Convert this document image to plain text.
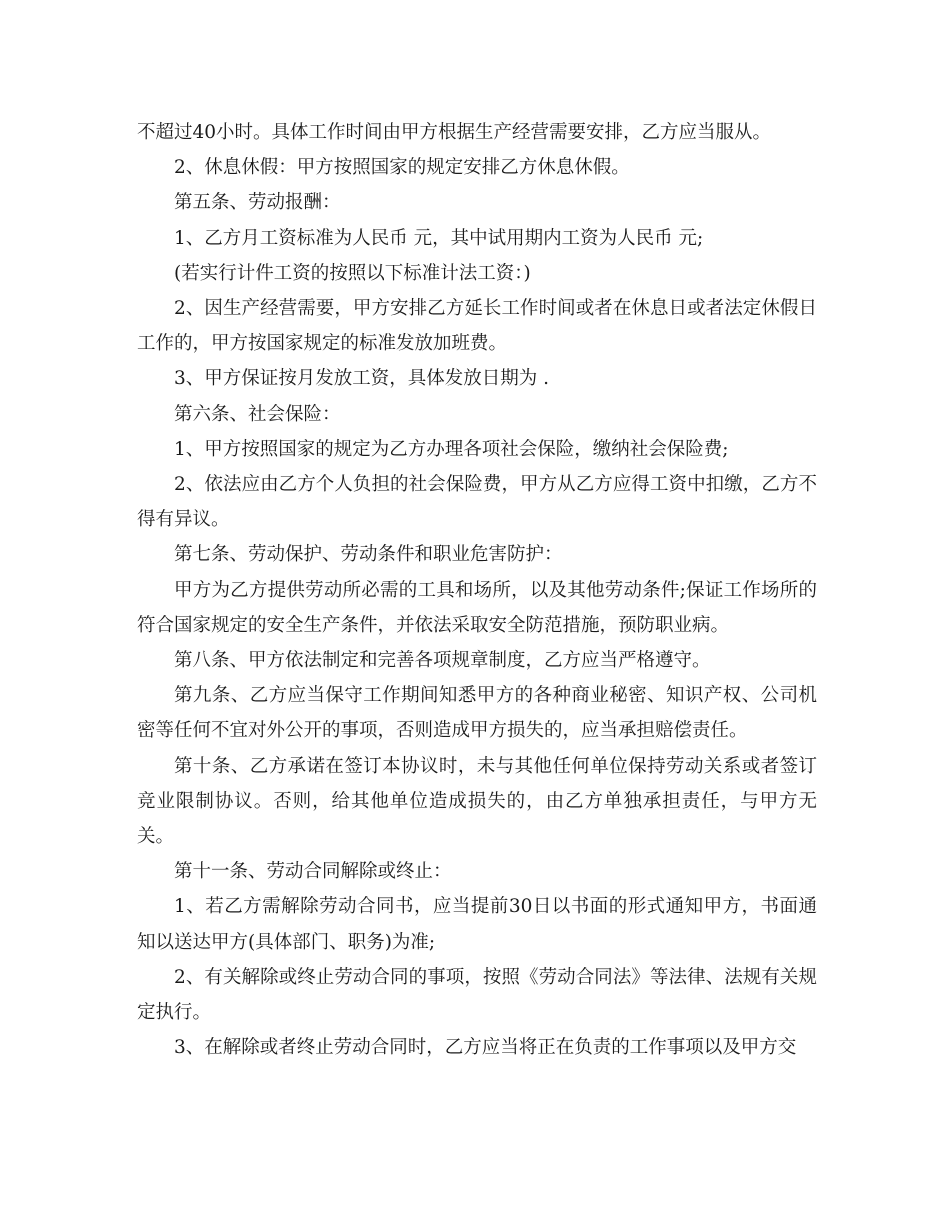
不超过40小时。具体工作时间由甲方根据生产经营需要安排，乙方应当服从。

2、休息休假：甲方按照国家的规定安排乙方休息休假。

第五条、劳动报酬：

1、乙方月工资标准为人民币 元，其中试用期内工资为人民币 元;

(若实行计件工资的按照以下标准计法工资：)

2、因生产经营需要，甲方安排乙方延长工作时间或者在休息日或者法定休假日工作的，甲方按国家规定的标准发放加班费。

3、甲方保证按月发放工资，具体发放日期为 .

第六条、社会保险：

1、甲方按照国家的规定为乙方办理各项社会保险，缴纳社会保险费;

2、依法应由乙方个人负担的社会保险费，甲方从乙方应得工资中扣缴，乙方不得有异议。

第七条、劳动保护、劳动条件和职业危害防护：

甲方为乙方提供劳动所必需的工具和场所，以及其他劳动条件;保证工作场所的符合国家规定的安全生产条件，并依法采取安全防范措施，预防职业病。

第八条、甲方依法制定和完善各项规章制度，乙方应当严格遵守。

第九条、乙方应当保守工作期间知悉甲方的各种商业秘密、知识产权、公司机密等任何不宜对外公开的事项，否则造成甲方损失的，应当承担赔偿责任。

第十条、乙方承诺在签订本协议时，未与其他任何单位保持劳动关系或者签订竞业限制协议。否则，给其他单位造成损失的，由乙方单独承担责任，与甲方无关。

第十一条、劳动合同解除或终止：

1、若乙方需解除劳动合同书，应当提前30日以书面的形式通知甲方，书面通知以送达甲方(具体部门、职务)为准;

2、有关解除或终止劳动合同的事项，按照《劳动合同法》等法律、法规有关规定执行。

3、在解除或者终止劳动合同时，乙方应当将正在负责的工作事项以及甲方交
